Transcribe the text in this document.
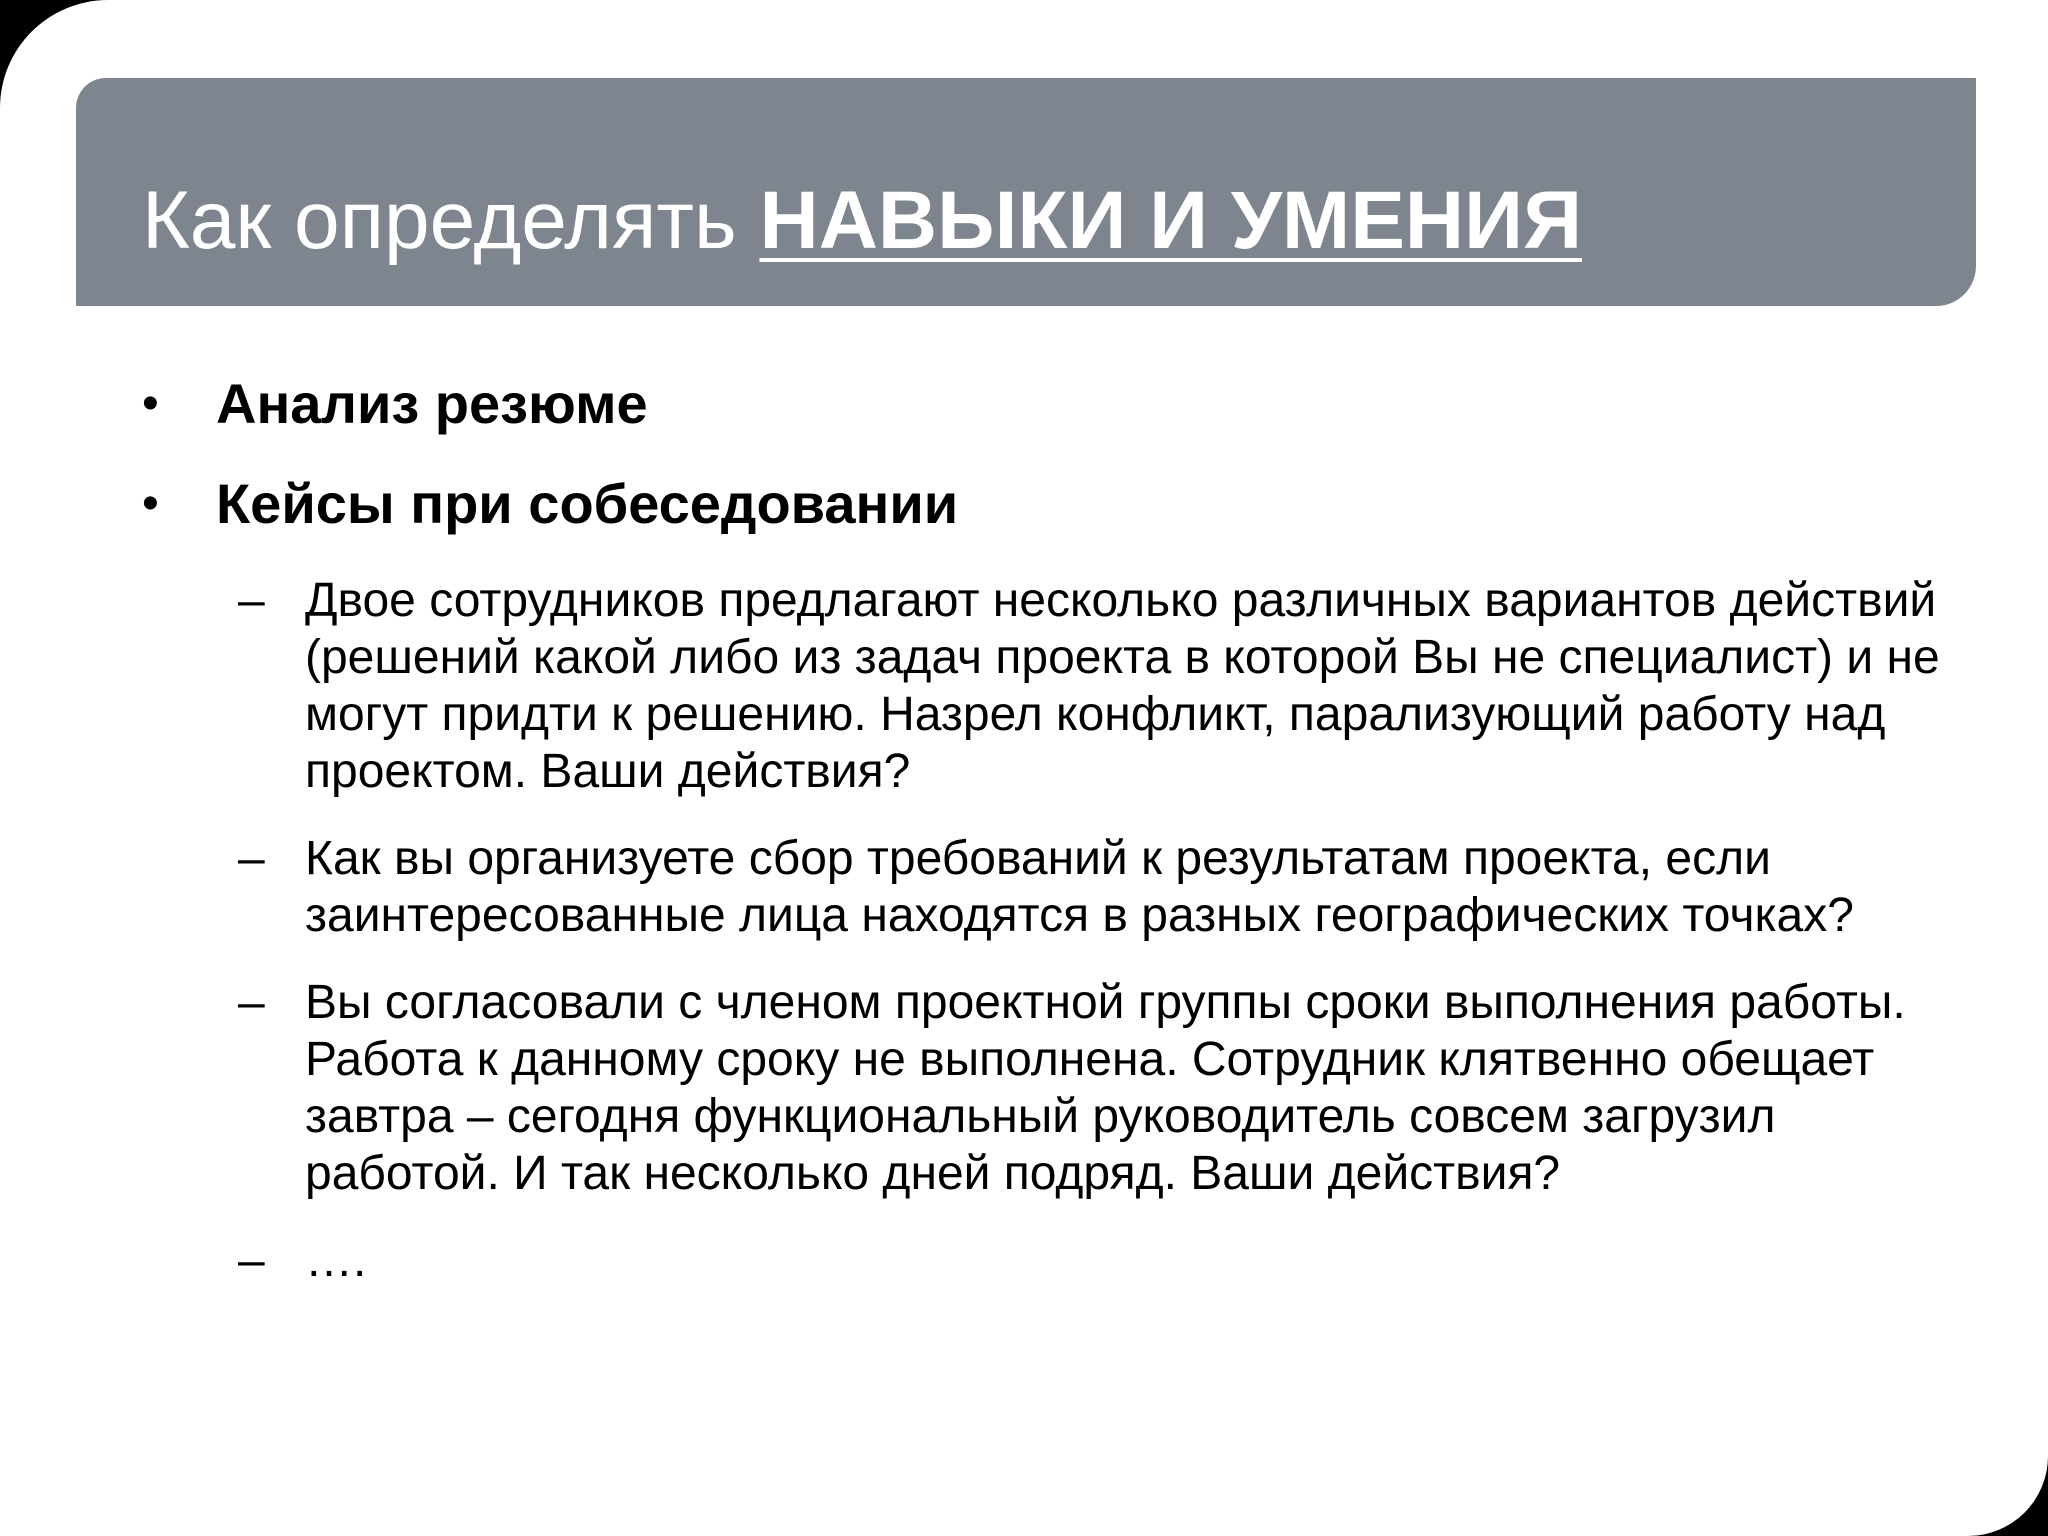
Как определять НАВЫКИ И УМЕНИЯ
• Анализ резюме
• Кейсы при собеседовании
– Двое сотрудников предлагают несколько различных вариантов действий (решений какой либо из задач проекта в которой Вы не специалист) и не могут придти к решению. Назрел конфликт, парализующий работу над проектом. Ваши действия?
– Как вы организуете сбор требований к результатам проекта, если заинтересованные лица находятся в разных географических точках?
– Вы согласовали с членом проектной группы сроки выполнения работы. Работа к данному сроку не выполнена. Сотрудник клятвенно обещает завтра – сегодня функциональный руководитель совсем загрузил работой. И так несколько дней подряд. Ваши действия?
– ….
